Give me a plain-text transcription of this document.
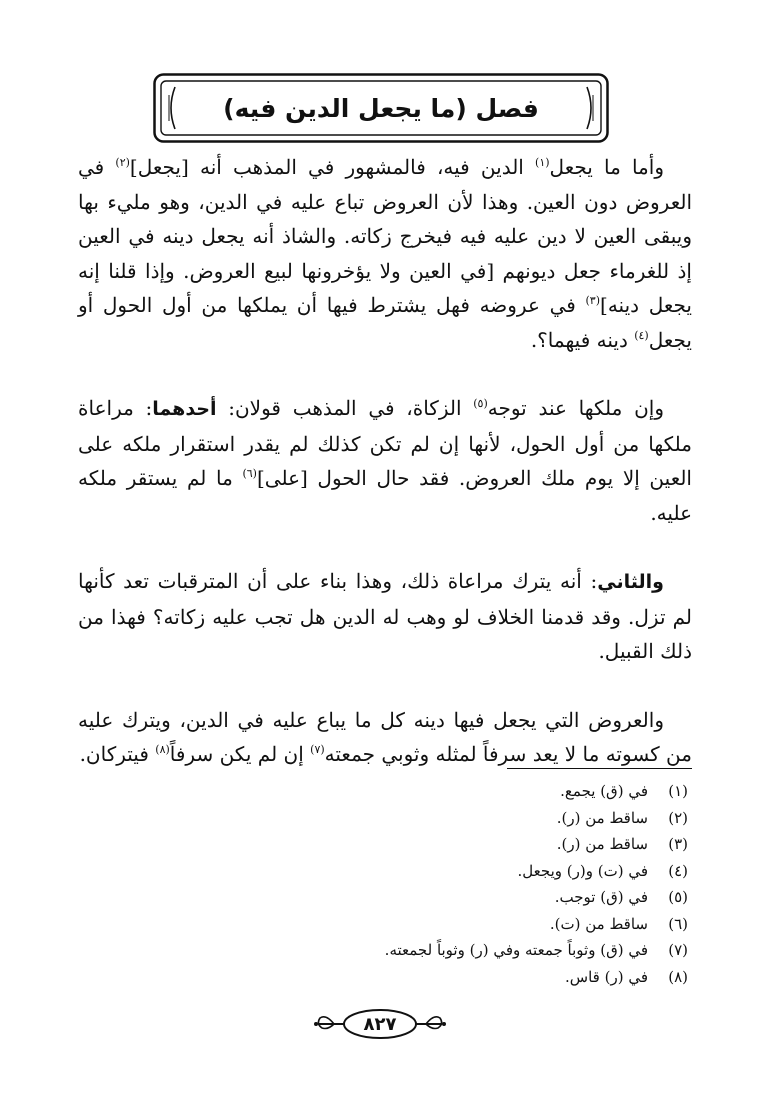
فصل (ما يجعل الدين فيه)

وأما ما يجعل$^{(١)}$ الدين فيه، فالمشهور في المذهب أنه [يجعل]$^{(٢)}$ في العروض دون العين. وهذا لأن العروض تباع عليه في الدين، وهو مليء بها ويبقى العين لا دين عليه فيه فيخرج زكاته. والشاذ أنه يجعل دينه في العين إذ للغرماء جعل ديونهم [في العين ولا يؤخرونها لبيع العروض. وإذا قلنا إنه يجعل دينه]$^{(٣)}$ في عروضه فهل يشترط فيها أن يملكها من أول الحول أو يجعل$^{(٤)}$ دينه فيهما؟.

وإن ملكها عند توجه$^{(٥)}$ الزكاة، في المذهب قولان: أحدهما: مراعاة ملكها من أول الحول، لأنها إن لم تكن كذلك لم يقدر استقرار ملكه على العين إلا يوم ملك العروض. فقد حال الحول [على]$^{(٦)}$ ما لم يستقر ملكه عليه.

والثاني: أنه يترك مراعاة ذلك، وهذا بناء على أن المترقبات تعد كأنها لم تزل. وقد قدمنا الخلاف لو وهب له الدين هل تجب عليه زكاته؟ فهذا من ذلك القبيل.

والعروض التي يجعل فيها دينه كل ما يباع عليه في الدين، ويترك عليه من كسوته ما لا يعد سرفاً لمثله وثوبي جمعته$^{(٧)}$ إن لم يكن سرفاً$^{(٨)}$ فيتركان.

(١)
في (ق) يجمع.
(٢)
ساقط من (ر).
(٣)
ساقط من (ر).
(٤)
في (ت) و(ر) ويجعل.
(٥)
في (ق) توجب.
(٦)
ساقط من (ت).
(٧)
في (ق) وثوباً جمعته وفي (ر) وثوباً لجمعته.
(٨)
في (ر) قاس.
٨٢٧
